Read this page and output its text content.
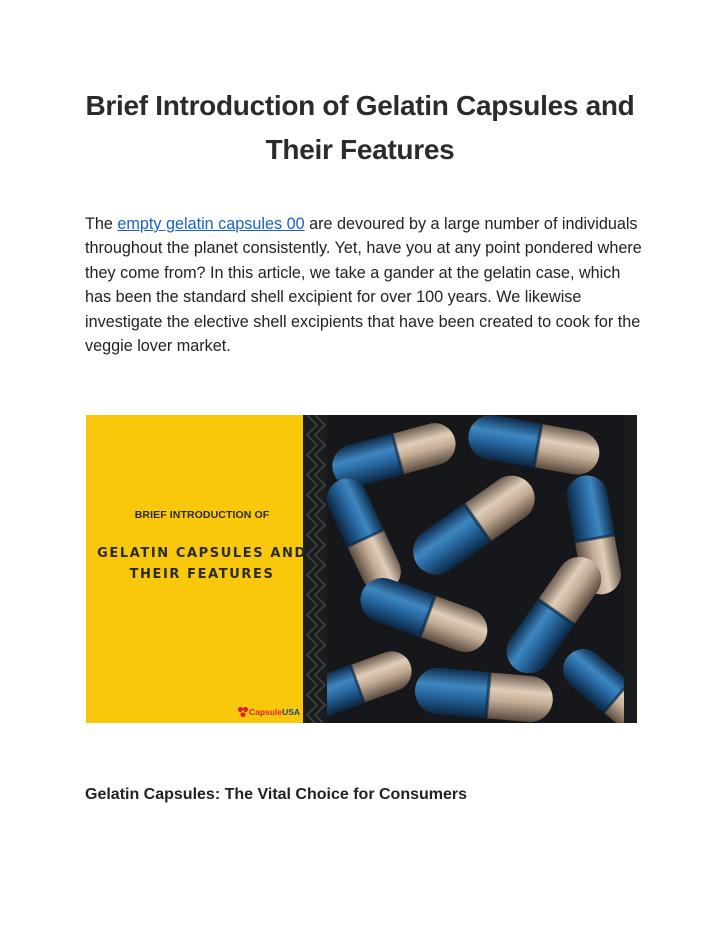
Brief Introduction of Gelatin Capsules and Their Features

The empty gelatin capsules 00 are devoured by a large number of individuals throughout the planet consistently. Yet, have you at any point pondered where they come from? In this article, we take a gander at the gelatin case, which has been the standard shell excipient for over 100 years. We likewise investigate the elective shell excipients that have been created to cook for the veggie lover market.

BRIEF INTRODUCTION OF
GELATIN CAPSULES AND
THEIR FEATURES
Capsule USA
Gelatin Capsules: The Vital Choice for Consumers
